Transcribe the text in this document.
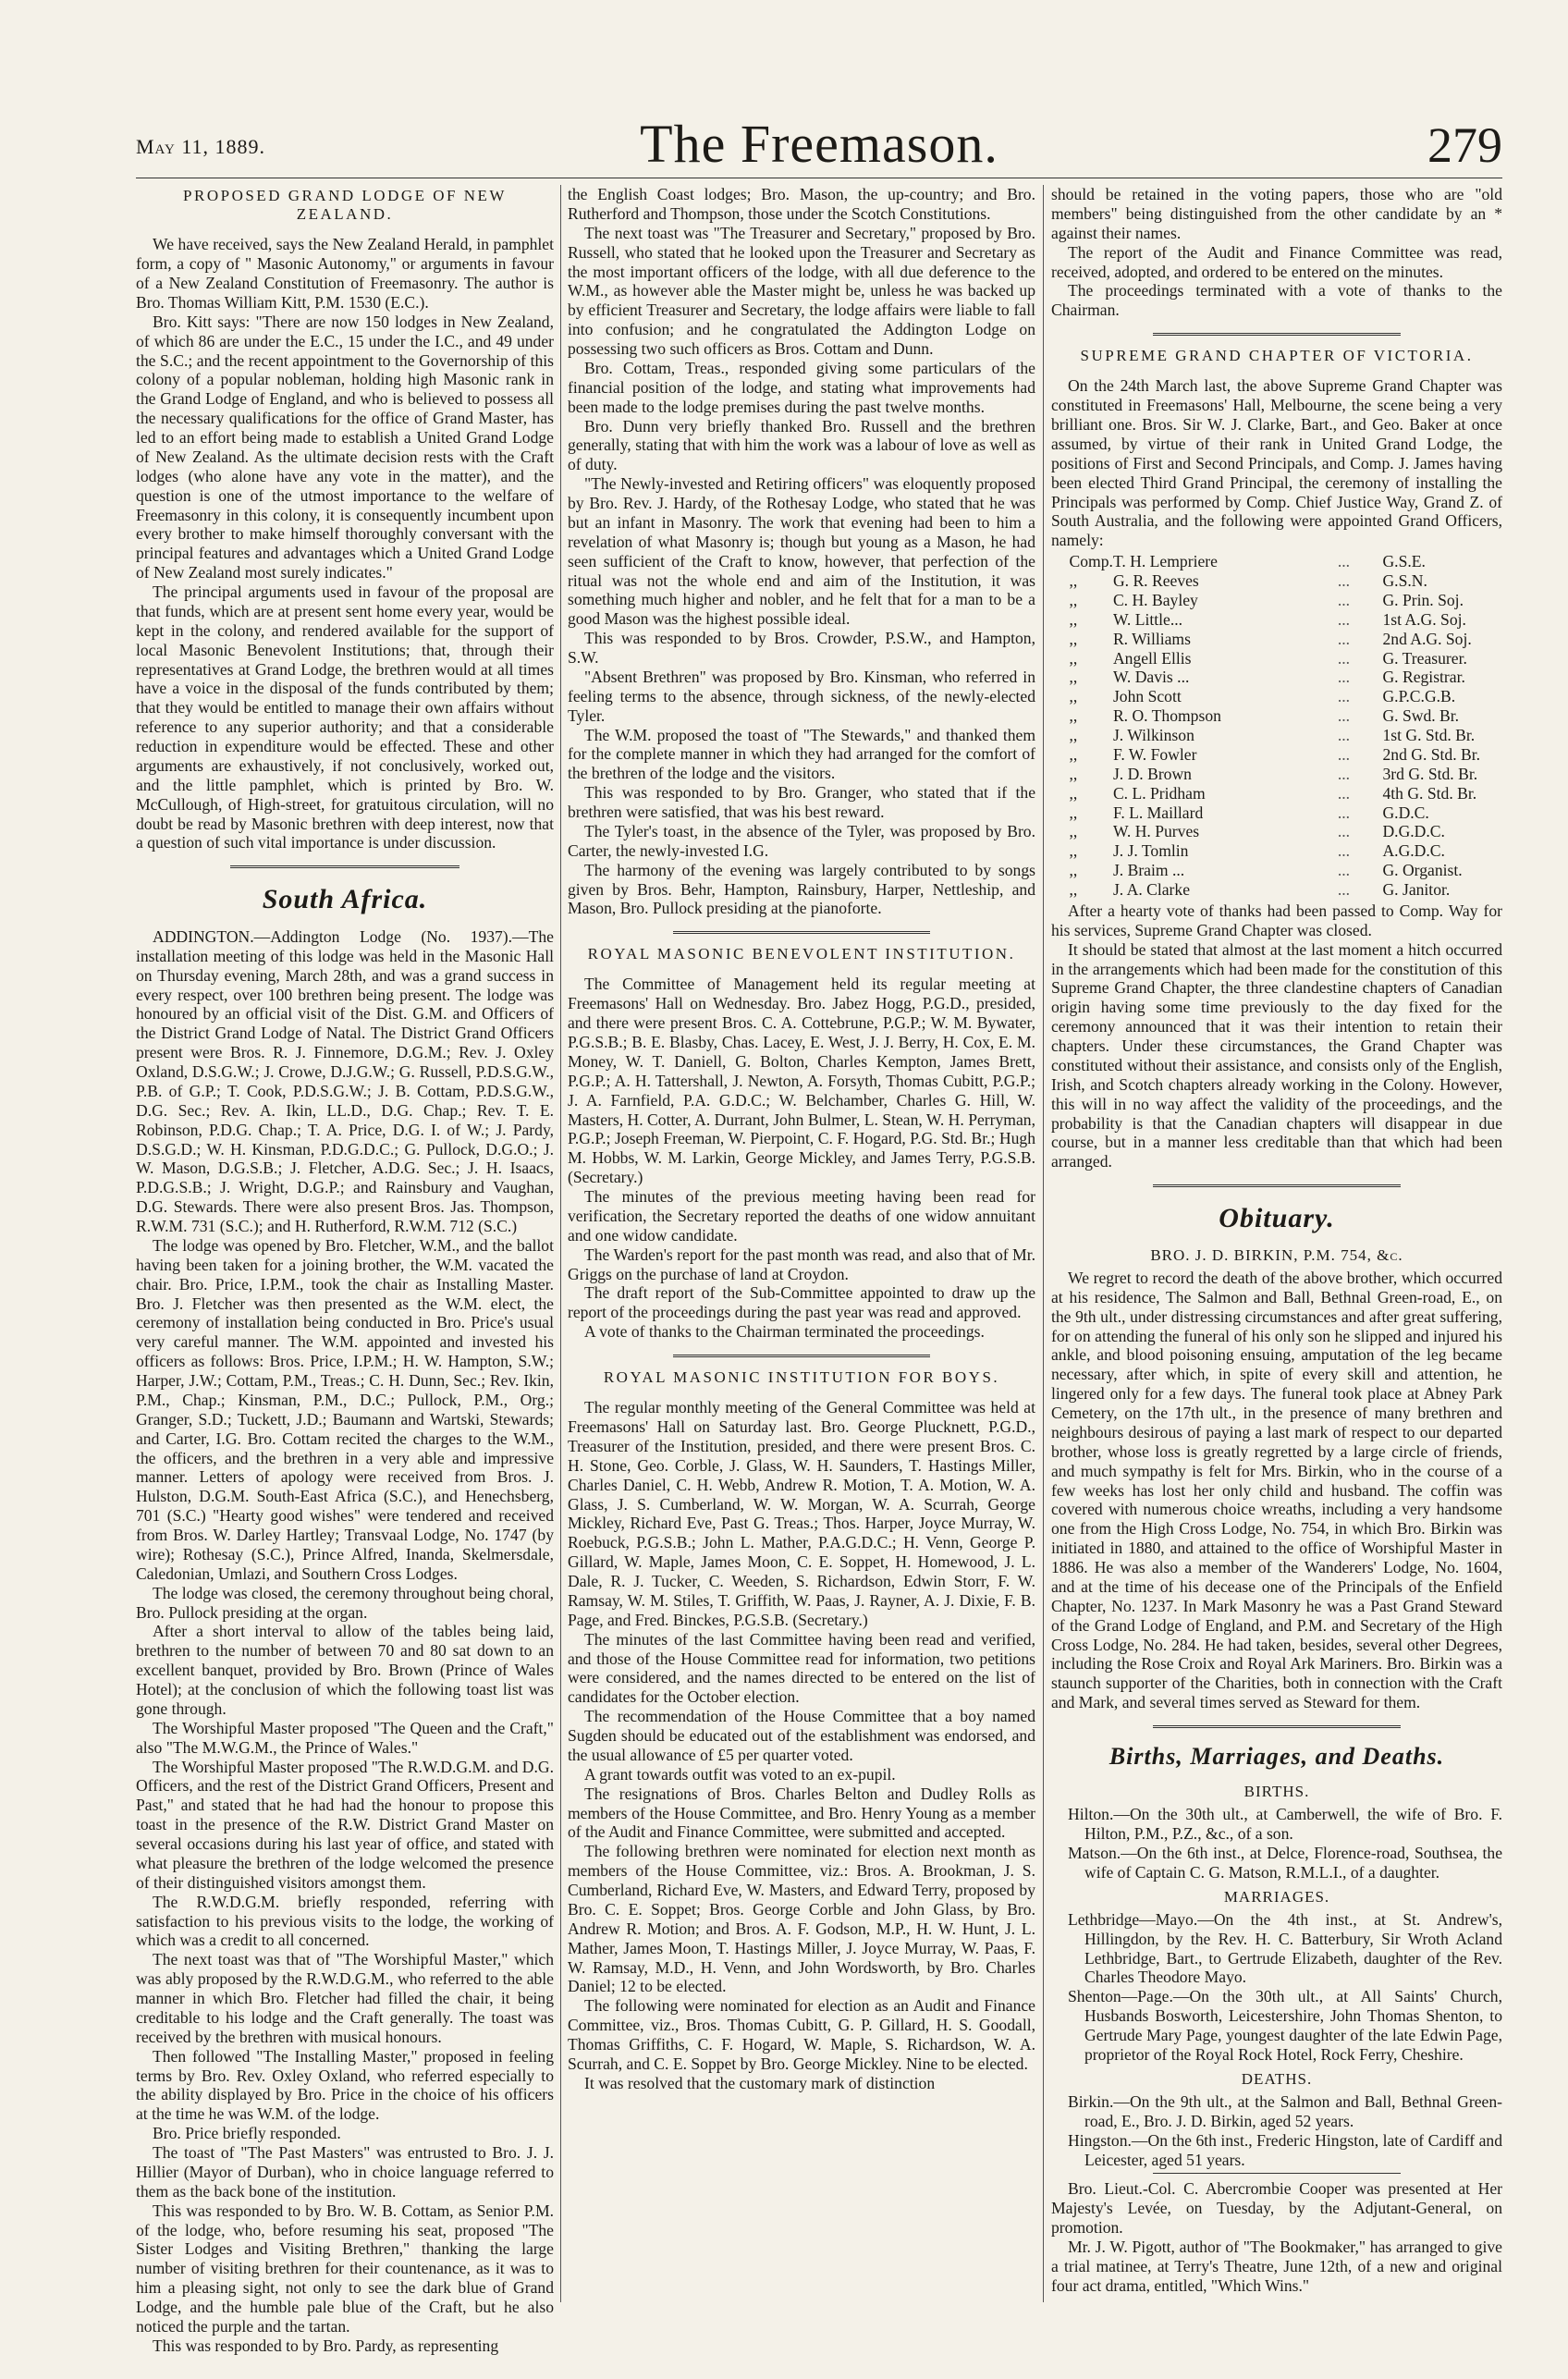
May 11, 1889.	The Freemason.	279
PROPOSED GRAND LODGE OF NEW ZEALAND.

We have received, says the New Zealand Herald, in pamphlet form, a copy of " Masonic Autonomy," or arguments in favour of a New Zealand Constitution of Freemasonry. The author is Bro. Thomas William Kitt, P.M. 1530 (E.C.).

Bro. Kitt says: "There are now 150 lodges in New Zealand, of which 86 are under the E.C., 15 under the I.C., and 49 under the S.C.; and the recent appointment to the Governorship of this colony of a popular nobleman, holding high Masonic rank in the Grand Lodge of England, and who is believed to possess all the necessary qualifications for the office of Grand Master, has led to an effort being made to establish a United Grand Lodge of New Zealand. As the ultimate decision rests with the Craft lodges (who alone have any vote in the matter), and the question is one of the utmost importance to the welfare of Freemasonry in this colony, it is consequently incumbent upon every brother to make himself thoroughly conversant with the principal features and advantages which a United Grand Lodge of New Zealand most surely indicates."

The principal arguments used in favour of the proposal are that funds, which are at present sent home every year, would be kept in the colony, and rendered available for the support of local Masonic Benevolent Institutions; that, through their representatives at Grand Lodge, the brethren would at all times have a voice in the disposal of the funds contributed by them; that they would be entitled to manage their own affairs without reference to any superior authority; and that a considerable reduction in expenditure would be effected. These and other arguments are exhaustively, if not conclusively, worked out, and the little pamphlet, which is printed by Bro. W. McCullough, of High-street, for gratuitous circulation, will no doubt be read by Masonic brethren with deep interest, now that a question of such vital importance is under discussion.

South Africa.

ADDINGTON.—Addington Lodge (No. 1937).—The installation meeting of this lodge was held in the Masonic Hall on Thursday evening, March 28th, and was a grand success in every respect, over 100 brethren being present. The lodge was honoured by an official visit of the Dist. G.M. and Officers of the District Grand Lodge of Natal. The District Grand Officers present were Bros. R. J. Finnemore, D.G.M.; Rev. J. Oxley Oxland, D.S.G.W.; J. Crowe, D.J.G.W.; G. Russell, P.D.S.G.W., P.B. of G.P.; T. Cook, P.D.S.G.W.; J. B. Cottam, P.D.S.G.W., D.G. Sec.; Rev. A. Ikin, LL.D., D.G. Chap.; Rev. T. E. Robinson, P.D.G. Chap.; T. A. Price, D.G. I. of W.; J. Pardy, D.S.G.D.; W. H. Kinsman, P.D.G.D.C.; G. Pullock, D.G.O.; J. W. Mason, D.G.S.B.; J. Fletcher, A.D.G. Sec.; J. H. Isaacs, P.D.G.S.B.; J. Wright, D.G.P.; and Rainsbury and Vaughan, D.G. Stewards. There were also present Bros. Jas. Thompson, R.W.M. 731 (S.C.); and H. Rutherford, R.W.M. 712 (S.C.)

The lodge was opened by Bro. Fletcher, W.M., and the ballot having been taken for a joining brother, the W.M. vacated the chair. Bro. Price, I.P.M., took the chair as Installing Master. Bro. J. Fletcher was then presented as the W.M. elect, the ceremony of installation being conducted in Bro. Price's usual very careful manner. The W.M. appointed and invested his officers as follows: Bros. Price, I.P.M.; H. W. Hampton, S.W.; Harper, J.W.; Cottam, P.M., Treas.; C. H. Dunn, Sec.; Rev. Ikin, P.M., Chap.; Kinsman, P.M., D.C.; Pullock, P.M., Org.; Granger, S.D.; Tuckett, J.D.; Baumann and Wartski, Stewards; and Carter, I.G. Bro. Cottam recited the charges to the W.M., the officers, and the brethren in a very able and impressive manner. Letters of apology were received from Bros. J. Hulston, D.G.M. South-East Africa (S.C.), and Henechsberg, 701 (S.C.) "Hearty good wishes" were tendered and received from Bros. W. Darley Hartley; Transvaal Lodge, No. 1747 (by wire); Rothesay (S.C.), Prince Alfred, Inanda, Skelmersdale, Caledonian, Umlazi, and Southern Cross Lodges.

The lodge was closed, the ceremony throughout being choral, Bro. Pullock presiding at the organ.

After a short interval to allow of the tables being laid, brethren to the number of between 70 and 80 sat down to an excellent banquet, provided by Bro. Brown (Prince of Wales Hotel); at the conclusion of which the following toast list was gone through.

The Worshipful Master proposed "The Queen and the Craft," also "The M.W.G.M., the Prince of Wales."

The Worshipful Master proposed "The R.W.D.G.M. and D.G. Officers, and the rest of the District Grand Officers, Present and Past," and stated that he had had the honour to propose this toast in the presence of the R.W. District Grand Master on several occasions during his last year of office, and stated with what pleasure the brethren of the lodge welcomed the presence of their distinguished visitors amongst them.

The R.W.D.G.M. briefly responded, referring with satisfaction to his previous visits to the lodge, the working of which was a credit to all concerned.

The next toast was that of "The Worshipful Master," which was ably proposed by the R.W.D.G.M., who referred to the able manner in which Bro. Fletcher had filled the chair, it being creditable to his lodge and the Craft generally. The toast was received by the brethren with musical honours.

Then followed "The Installing Master," proposed in feeling terms by Bro. Rev. Oxley Oxland, who referred especially to the ability displayed by Bro. Price in the choice of his officers at the time he was W.M. of the lodge.

Bro. Price briefly responded.

The toast of "The Past Masters" was entrusted to Bro. J. J. Hillier (Mayor of Durban), who in choice language referred to them as the back bone of the institution.

This was responded to by Bro. W. B. Cottam, as Senior P.M. of the lodge, who, before resuming his seat, proposed "The Sister Lodges and Visiting Brethren," thanking the large number of visiting brethren for their countenance, as it was to him a pleasing sight, not only to see the dark blue of Grand Lodge, and the humble pale blue of the Craft, but he also noticed the purple and the tartan.

This was responded to by Bro. Pardy, as representing

the English Coast lodges; Bro. Mason, the up-country; and Bro. Rutherford and Thompson, those under the Scotch Constitutions.

The next toast was "The Treasurer and Secretary," proposed by Bro. Russell, who stated that he looked upon the Treasurer and Secretary as the most important officers of the lodge, with all due deference to the W.M., as however able the Master might be, unless he was backed up by efficient Treasurer and Secretary, the lodge affairs were liable to fall into confusion; and he congratulated the Addington Lodge on possessing two such officers as Bros. Cottam and Dunn.

Bro. Cottam, Treas., responded giving some particulars of the financial position of the lodge, and stating what improvements had been made to the lodge premises during the past twelve months.

Bro. Dunn very briefly thanked Bro. Russell and the brethren generally, stating that with him the work was a labour of love as well as of duty.

"The Newly-invested and Retiring officers" was eloquently proposed by Bro. Rev. J. Hardy, of the Rothesay Lodge, who stated that he was but an infant in Masonry. The work that evening had been to him a revelation of what Masonry is; though but young as a Mason, he had seen sufficient of the Craft to know, however, that perfection of the ritual was not the whole end and aim of the Institution, it was something much higher and nobler, and he felt that for a man to be a good Mason was the highest possible ideal.

This was responded to by Bros. Crowder, P.S.W., and Hampton, S.W.

"Absent Brethren" was proposed by Bro. Kinsman, who referred in feeling terms to the absence, through sickness, of the newly-elected Tyler.

The W.M. proposed the toast of "The Stewards," and thanked them for the complete manner in which they had arranged for the comfort of the brethren of the lodge and the visitors.

This was responded to by Bro. Granger, who stated that if the brethren were satisfied, that was his best reward.

The Tyler's toast, in the absence of the Tyler, was proposed by Bro. Carter, the newly-invested I.G.

The harmony of the evening was largely contributed to by songs given by Bros. Behr, Hampton, Rainsbury, Harper, Nettleship, and Mason, Bro. Pullock presiding at the pianoforte.

ROYAL MASONIC BENEVOLENT INSTITUTION.

The Committee of Management held its regular meeting at Freemasons' Hall on Wednesday. Bro. Jabez Hogg, P.G.D., presided, and there were present Bros. C. A. Cottebrune, P.G.P.; W. M. Bywater, P.G.S.B.; B. E. Blasby, Chas. Lacey, E. West, J. J. Berry, H. Cox, E. M. Money, W. T. Daniell, G. Bolton, Charles Kempton, James Brett, P.G.P.; A. H. Tattershall, J. Newton, A. Forsyth, Thomas Cubitt, P.G.P.; J. A. Farnfield, P.A. G.D.C.; W. Belchamber, Charles G. Hill, W. Masters, H. Cotter, A. Durrant, John Bulmer, L. Stean, W. H. Perryman, P.G.P.; Joseph Freeman, W. Pierpoint, C. F. Hogard, P.G. Std. Br.; Hugh M. Hobbs, W. M. Larkin, George Mickley, and James Terry, P.G.S.B. (Secretary.)

The minutes of the previous meeting having been read for verification, the Secretary reported the deaths of one widow annuitant and one widow candidate.

The Warden's report for the past month was read, and also that of Mr. Griggs on the purchase of land at Croydon.

The draft report of the Sub-Committee appointed to draw up the report of the proceedings during the past year was read and approved.

A vote of thanks to the Chairman terminated the proceedings.

ROYAL MASONIC INSTITUTION FOR BOYS.

The regular monthly meeting of the General Committee was held at Freemasons' Hall on Saturday last. Bro. George Plucknett, P.G.D., Treasurer of the Institution, presided, and there were present Bros. C. H. Stone, Geo. Corble, J. Glass, W. H. Saunders, T. Hastings Miller, Charles Daniel, C. H. Webb, Andrew R. Motion, T. A. Motion, W. A. Glass, J. S. Cumberland, W. W. Morgan, W. A. Scurrah, George Mickley, Richard Eve, Past G. Treas.; Thos. Harper, Joyce Murray, W. Roebuck, P.G.S.B.; John L. Mather, P.A.G.D.C.; H. Venn, George P. Gillard, W. Maple, James Moon, C. E. Soppet, H. Homewood, J. L. Dale, R. J. Tucker, C. Weeden, S. Richardson, Edwin Storr, F. W. Ramsay, W. M. Stiles, T. Griffith, W. Paas, J. Rayner, A. J. Dixie, F. B. Page, and Fred. Binckes, P.G.S.B. (Secretary.)

The minutes of the last Committee having been read and verified, and those of the House Committee read for information, two petitions were considered, and the names directed to be entered on the list of candidates for the October election.

The recommendation of the House Committee that a boy named Sugden should be educated out of the establishment was endorsed, and the usual allowance of £5 per quarter voted.

A grant towards outfit was voted to an ex-pupil.

The resignations of Bros. Charles Belton and Dudley Rolls as members of the House Committee, and Bro. Henry Young as a member of the Audit and Finance Committee, were submitted and accepted.

The following brethren were nominated for election next month as members of the House Committee, viz.: Bros. A. Brookman, J. S. Cumberland, Richard Eve, W. Masters, and Edward Terry, proposed by Bro. C. E. Soppet; Bros. George Corble and John Glass, by Bro. Andrew R. Motion; and Bros. A. F. Godson, M.P., H. W. Hunt, J. L. Mather, James Moon, T. Hastings Miller, J. Joyce Murray, W. Paas, F. W. Ramsay, M.D., H. Venn, and John Wordsworth, by Bro. Charles Daniel; 12 to be elected.

The following were nominated for election as an Audit and Finance Committee, viz., Bros. Thomas Cubitt, G. P. Gillard, H. S. Goodall, Thomas Griffiths, C. F. Hogard, W. Maple, S. Richardson, W. A. Scurrah, and C. E. Soppet by Bro. George Mickley. Nine to be elected.

It was resolved that the customary mark of distinction

should be retained in the voting papers, those who are "old members" being distinguished from the other candidate by an * against their names.

The report of the Audit and Finance Committee was read, received, adopted, and ordered to be entered on the minutes.

The proceedings terminated with a vote of thanks to the Chairman.

SUPREME GRAND CHAPTER OF VICTORIA.

On the 24th March last, the above Supreme Grand Chapter was constituted in Freemasons' Hall, Melbourne, the scene being a very brilliant one. Bros. Sir W. J. Clarke, Bart., and Geo. Baker at once assumed, by virtue of their rank in United Grand Lodge, the positions of First and Second Principals, and Comp. J. James having been elected Third Grand Principal, the ceremony of installing the Principals was performed by Comp. Chief Justice Way, Grand Z. of South Australia, and the following were appointed Grand Officers, namely:

Comp.	T. H. Lempriere	...	G.S.E.
,,	G. R. Reeves	...	G.S.N.
,,	C. H. Bayley	...	G. Prin. Soj.
,,	W. Little...	...	1st A.G. Soj.
,,	R. Williams	...	2nd A.G. Soj.
,,	Angell Ellis	...	G. Treasurer.
,,	W. Davis ...	...	G. Registrar.
,,	John Scott	...	G.P.C.G.B.
,,	R. O. Thompson	...	G. Swd. Br.
,,	J. Wilkinson	...	1st G. Std. Br.
,,	F. W. Fowler	...	2nd G. Std. Br.
,,	J. D. Brown	...	3rd G. Std. Br.
,,	C. L. Pridham	...	4th G. Std. Br.
,,	F. L. Maillard	...	G.D.C.
,,	W. H. Purves	...	D.G.D.C.
,,	J. J. Tomlin	...	A.G.D.C.
,,	J. Braim ...	...	G. Organist.
,,	J. A. Clarke	...	G. Janitor.

After a hearty vote of thanks had been passed to Comp. Way for his services, Supreme Grand Chapter was closed.

It should be stated that almost at the last moment a hitch occurred in the arrangements which had been made for the constitution of this Supreme Grand Chapter, the three clandestine chapters of Canadian origin having some time previously to the day fixed for the ceremony announced that it was their intention to retain their chapters. Under these circumstances, the Grand Chapter was constituted without their assistance, and consists only of the English, Irish, and Scotch chapters already working in the Colony. However, this will in no way affect the validity of the proceedings, and the probability is that the Canadian chapters will disappear in due course, but in a manner less creditable than that which had been arranged.

Obituary.
BRO. J. D. BIRKIN, P.M. 754, &c.

We regret to record the death of the above brother, which occurred at his residence, The Salmon and Ball, Bethnal Green-road, E., on the 9th ult., under distressing circumstances and after great suffering, for on attending the funeral of his only son he slipped and injured his ankle, and blood poisoning ensuing, amputation of the leg became necessary, after which, in spite of every skill and attention, he lingered only for a few days. The funeral took place at Abney Park Cemetery, on the 17th ult., in the presence of many brethren and neighbours desirous of paying a last mark of respect to our departed brother, whose loss is greatly regretted by a large circle of friends, and much sympathy is felt for Mrs. Birkin, who in the course of a few weeks has lost her only child and husband. The coffin was covered with numerous choice wreaths, including a very handsome one from the High Cross Lodge, No. 754, in which Bro. Birkin was initiated in 1880, and attained to the office of Worshipful Master in 1886. He was also a member of the Wanderers' Lodge, No. 1604, and at the time of his decease one of the Principals of the Enfield Chapter, No. 1237. In Mark Masonry he was a Past Grand Steward of the Grand Lodge of England, and P.M. and Secretary of the High Cross Lodge, No. 284. He had taken, besides, several other Degrees, including the Rose Croix and Royal Ark Mariners. Bro. Birkin was a staunch supporter of the Charities, both in connection with the Craft and Mark, and several times served as Steward for them.

Births, Marriages, and Deaths.
BIRTHS.

Hilton.—On the 30th ult., at Camberwell, the wife of Bro. F. Hilton, P.M., P.Z., &c., of a son.

Matson.—On the 6th inst., at Delce, Florence-road, Southsea, the wife of Captain C. G. Matson, R.M.L.I., of a daughter.

MARRIAGES.

Lethbridge—Mayo.—On the 4th inst., at St. Andrew's, Hillingdon, by the Rev. H. C. Batterbury, Sir Wroth Acland Lethbridge, Bart., to Gertrude Elizabeth, daughter of the Rev. Charles Theodore Mayo.

Shenton—Page.—On the 30th ult., at All Saints' Church, Husbands Bosworth, Leicestershire, John Thomas Shenton, to Gertrude Mary Page, youngest daughter of the late Edwin Page, proprietor of the Royal Rock Hotel, Rock Ferry, Cheshire.

DEATHS.

Birkin.—On the 9th ult., at the Salmon and Ball, Bethnal Green-road, E., Bro. J. D. Birkin, aged 52 years.

Hingston.—On the 6th inst., Frederic Hingston, late of Cardiff and Leicester, aged 51 years.

Bro. Lieut.-Col. C. Abercrombie Cooper was presented at Her Majesty's Levée, on Tuesday, by the Adjutant-General, on promotion.

Mr. J. W. Pigott, author of "The Bookmaker," has arranged to give a trial matinee, at Terry's Theatre, June 12th, of a new and original four act drama, entitled, "Which Wins."
